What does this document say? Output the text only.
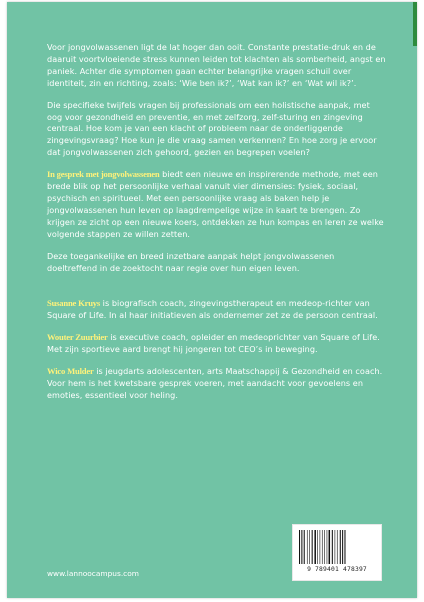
Voor jongvolwassenen ligt de lat hoger dan ooit. Constante prestatie-druk en de daaruit voortvloeiende stress kunnen leiden tot klachten als somberheid, angst en paniek. Achter die symptomen gaan echter belangrijke vragen schuil over identiteit, zin en richting, zoals: ‘Wie ben ik?’, ‘Wat kan ik?’ en ‘Wat wil ik?’.

Die specifieke twijfels vragen bij professionals om een holistische aanpak, met oog voor gezondheid en preventie, en met zelfzorg, zelf-sturing en zingeving centraal. Hoe kom je van een klacht of probleem naar de onderliggende zingevingsvraag? Hoe kun je die vraag samen verkennen? En hoe zorg je ervoor dat jongvolwassenen zich gehoord, gezien en begrepen voelen?

In gesprek met jongvolwassenen biedt een nieuwe en inspirerende methode, met een brede blik op het persoonlijke verhaal vanuit vier dimensies: fysiek, sociaal, psychisch en spiritueel. Met een persoonlijke vraag als baken help je jongvolwassenen hun leven op laagdrempelige wijze in kaart te brengen. Zo krijgen ze zicht op een nieuwe koers, ontdekken ze hun kompas en leren ze welke volgende stappen ze willen zetten.

Deze toegankelijke en breed inzetbare aanpak helpt jongvolwassenen doeltreffend in de zoektocht naar regie over hun eigen leven.

Susanne Kruys is biografisch coach, zingevingstherapeut en medeop-richter van Square of Life. In al haar initiatieven als ondernemer zet ze de persoon centraal.

Wouter Zuurbier is executive coach, opleider en medeoprichter van Square of Life. Met zijn sportieve aard brengt hij jongeren tot CEO’s in beweging.

Wico Mulder is jeugdarts adolescenten, arts Maatschappij & Gezondheid en coach. Voor hem is het kwetsbare gesprek voeren, met aandacht voor gevoelens en emoties, essentieel voor heling.

www.lannoocampus.com	9 789401 478397
